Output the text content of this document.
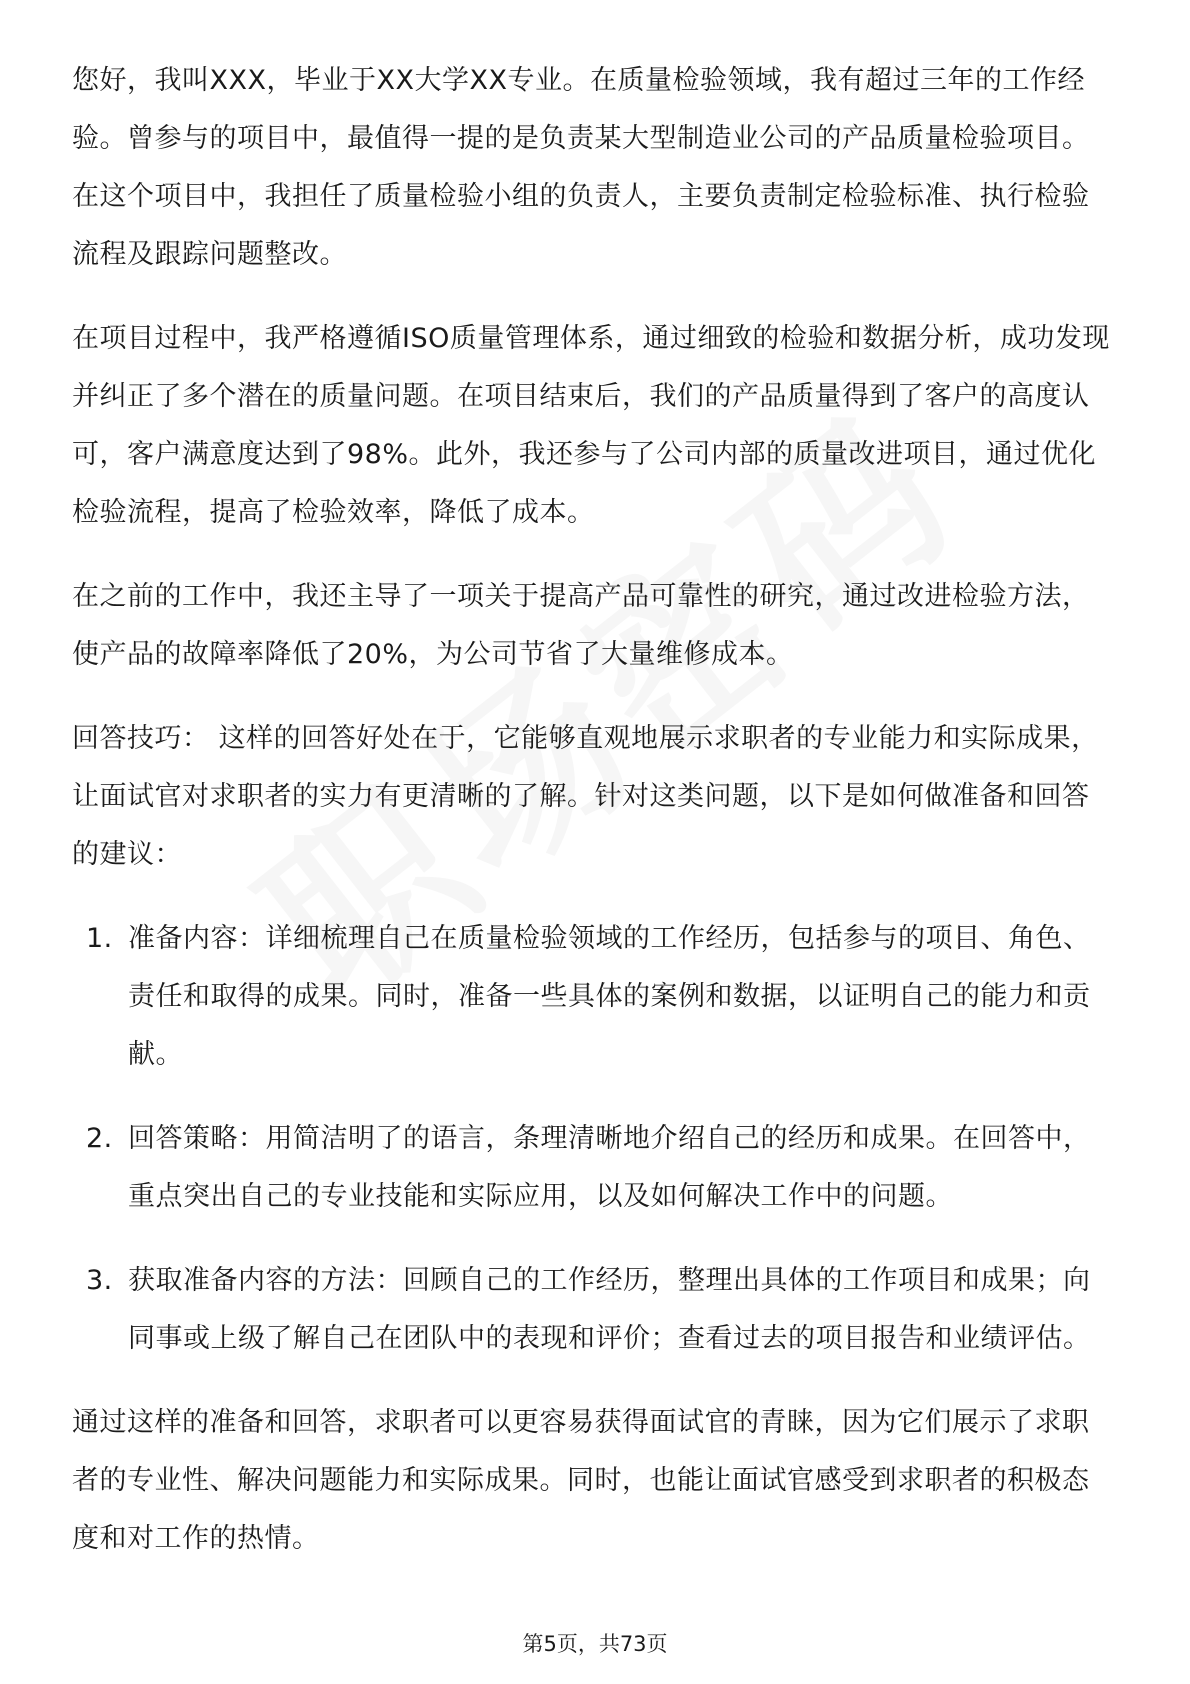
您好，我叫XXX，毕业于XX大学XX专业。在质量检验领域，我有超过三年的工作经验。曾参与的项目中，最值得一提的是负责某大型制造业公司的产品质量检验项目。在这个项目中，我担任了质量检验小组的负责人，主要负责制定检验标准、执行检验流程及跟踪问题整改。

在项目过程中，我严格遵循ISO质量管理体系，通过细致的检验和数据分析，成功发现并纠正了多个潜在的质量问题。在项目结束后，我们的产品质量得到了客户的高度认可，客户满意度达到了98%。此外，我还参与了公司内部的质量改进项目，通过优化检验流程，提高了检验效率，降低了成本。

在之前的工作中，我还主导了一项关于提高产品可靠性的研究，通过改进检验方法，使产品的故障率降低了20%，为公司节省了大量维修成本。

回答技巧： 这样的回答好处在于，它能够直观地展示求职者的专业能力和实际成果，让面试官对求职者的实力有更清晰的了解。针对这类问题，以下是如何做准备和回答的建议：

1. 准备内容：详细梳理自己在质量检验领域的工作经历，包括参与的项目、角色、责任和取得的成果。同时，准备一些具体的案例和数据，以证明自己的能力和贡献。
2. 回答策略：用简洁明了的语言，条理清晰地介绍自己的经历和成果。在回答中，重点突出自己的专业技能和实际应用，以及如何解决工作中的问题。
3. 获取准备内容的方法：回顾自己的工作经历，整理出具体的工作项目和成果；向同事或上级了解自己在团队中的表现和评价；查看过去的项目报告和业绩评估。

通过这样的准备和回答，求职者可以更容易获得面试官的青睐，因为它们展示了求职者的专业性、解决问题能力和实际成果。同时，也能让面试官感受到求职者的积极态度和对工作的热情。

第5页，共73页
